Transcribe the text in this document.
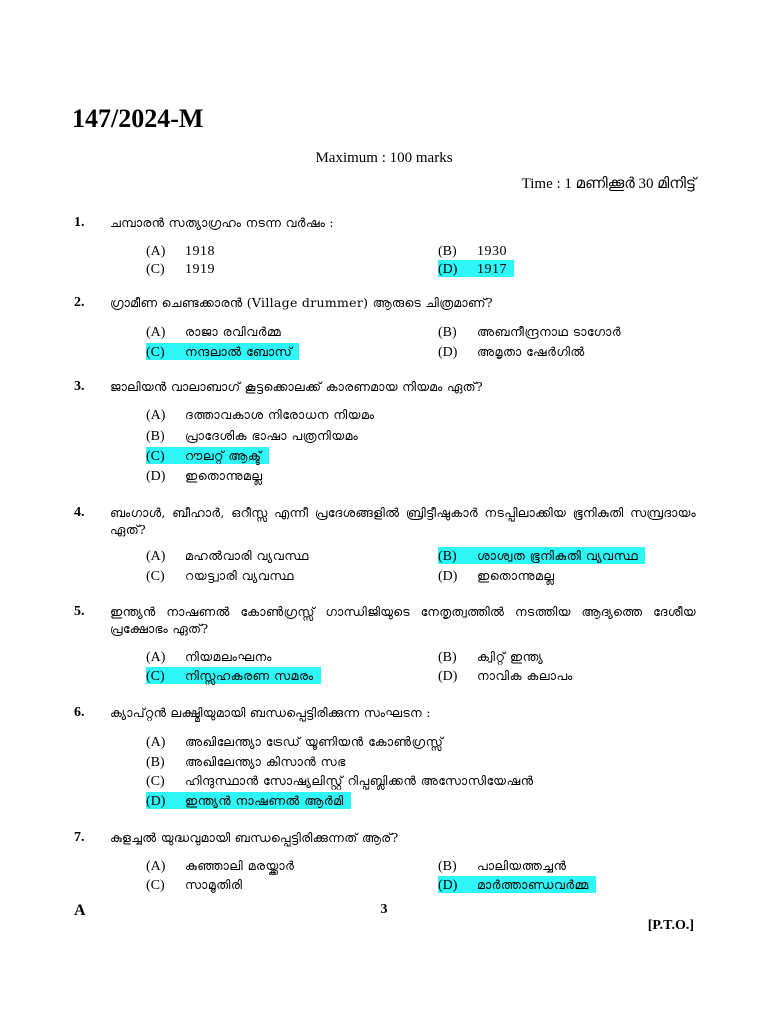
147/2024-M
Maximum : 100 marks
Time : 1 മണിക്കൂർ 30 മിനിട്ട്
1. ചമ്പാരൻ സത്യാഗ്രഹം നടന്ന വർഷം :
(A) 1918	(B) 1930
(C) 1919	(D) 1917
2. ഗ്രാമീണ ചെണ്ടക്കാരൻ (Village drummer) ആരുടെ ചിത്രമാണ്?
(A) രാജാ രവിവർമ്മ	(B) അബനീന്ദ്രനാഥ ടാഗോർ
(C) നന്ദലാൽ ബോസ്	(D) അമൃതാ ഷേർഗിൽ
3. ജാലിയൻ വാലാബാഗ് കൂട്ടക്കൊലക്ക് കാരണമായ നിയമം ഏത്?
(A) ദത്താവകാശ നിരോധന നിയമം
(B) പ്രാദേശിക ഭാഷാ പത്രനിയമം
(C) റൗലറ്റ് ആക്ട്
(D) ഇതൊന്നുമല്ല
4. ബംഗാൾ, ബീഹാർ, ഒറീസ്സ എന്നീ പ്രദേശങ്ങളിൽ ബ്രിട്ടീഷുകാർ നടപ്പിലാക്കിയ ഭൂനികുതി സമ്പ്രദായം ഏത്?
(A) മഹൽവാരി വ്യവസ്ഥ	(B) ശാശ്വത ഭൂനികുതി വ്യവസ്ഥ
(C) റയട്ട്വാരി വ്യവസ്ഥ	(D) ഇതൊന്നുമല്ല
5. ഇന്ത്യൻ നാഷണൽ കോൺഗ്രസ്സ് ഗാന്ധിജിയുടെ നേതൃത്വത്തിൽ നടത്തിയ ആദ്യത്തെ ദേശീയ പ്രക്ഷോഭം ഏത്?
(A) നിയമലംഘനം	(B) ക്വിറ്റ് ഇന്ത്യ
(C) നിസ്സഹകരണ സമരം	(D) നാവിക കലാപം
6. ക്യാപ്റ്റൻ ലക്ഷ്മിയുമായി ബന്ധപ്പെട്ടിരിക്കുന്ന സംഘടന :
(A) അഖിലേന്ത്യാ ട്രേഡ് യൂണിയൻ കോൺഗ്രസ്സ്
(B) അഖിലേന്ത്യാ കിസാൻ സഭ
(C) ഹിന്ദുസ്ഥാൻ സോഷ്യലിസ്റ്റ് റിപ്പബ്ലിക്കൻ അസോസിയേഷൻ
(D) ഇന്ത്യൻ നാഷണൽ ആർമി
7. കുളച്ചൽ യുദ്ധവുമായി ബന്ധപ്പെട്ടിരിക്കുന്നത് ആര്?
(A) കുഞ്ഞാലി മരയ്ക്കാർ	(B) പാലിയത്തച്ചൻ
(C) സാമൂതിരി	(D) മാർത്താണ്ഡവർമ്മ
A	3
[P.T.O.]
